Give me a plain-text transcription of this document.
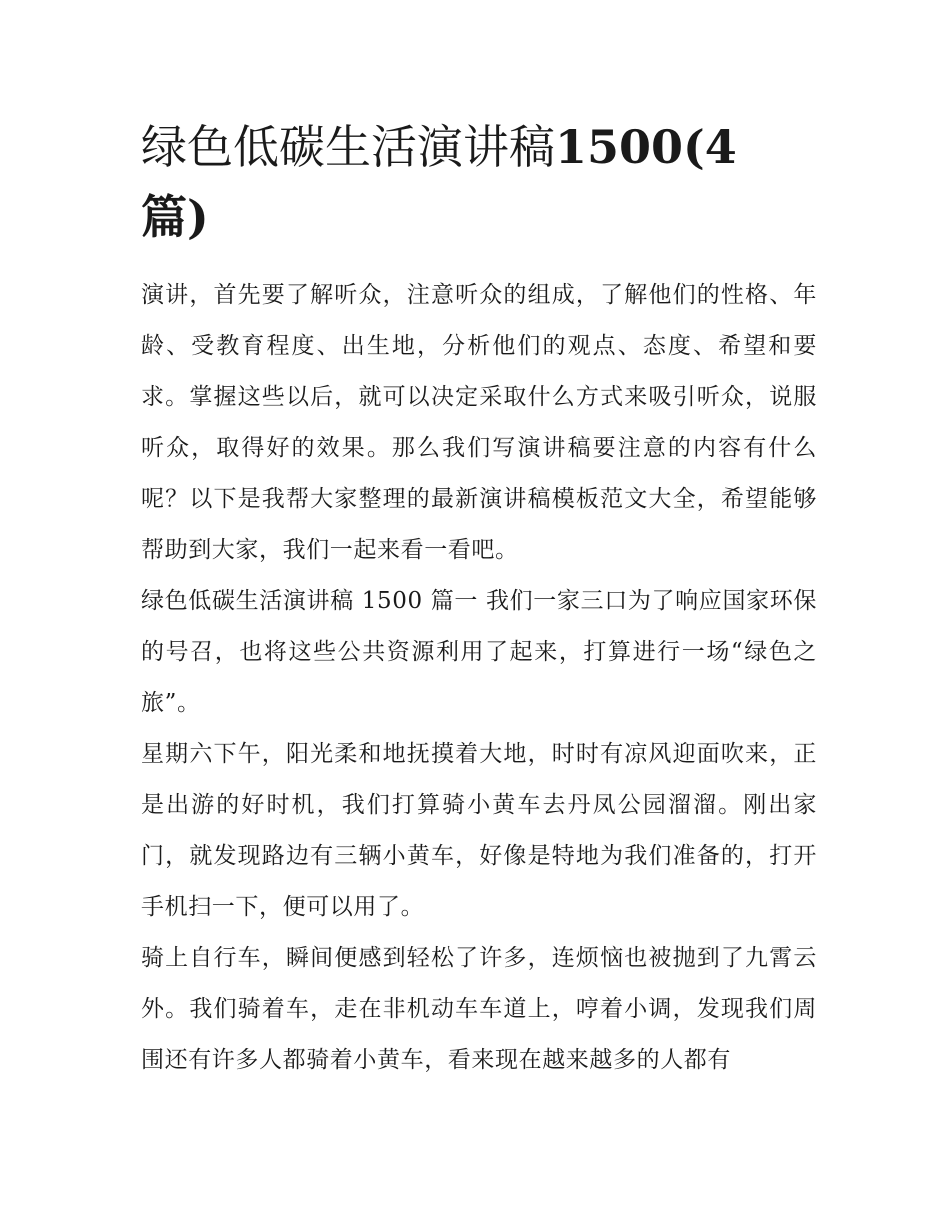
绿色低碳生活演讲稿1500(4
篇)

演讲，首先要了解听众，注意听众的组成，了解他们的性格、年龄、受教育程度、出生地，分析他们的观点、态度、希望和要求。掌握这些以后，就可以决定采取什么方式来吸引听众，说服听众，取得好的效果。那么我们写演讲稿要注意的内容有什么呢？以下是我帮大家整理的最新演讲稿模板范文大全，希望能够帮助到大家，我们一起来看一看吧。

绿色低碳生活演讲稿 1500 篇一 我们一家三口为了响应国家环保的号召，也将这些公共资源利用了起来，打算进行一场“绿色之旅”。

星期六下午，阳光柔和地抚摸着大地，时时有凉风迎面吹来，正是出游的好时机，我们打算骑小黄车去丹凤公园溜溜。刚出家门，就发现路边有三辆小黄车，好像是特地为我们准备的，打开手机扫一下，便可以用了。

骑上自行车，瞬间便感到轻松了许多，连烦恼也被抛到了九霄云外。我们骑着车，走在非机动车车道上，哼着小调，发现我们周围还有许多人都骑着小黄车，看来现在越来越多的人都有
